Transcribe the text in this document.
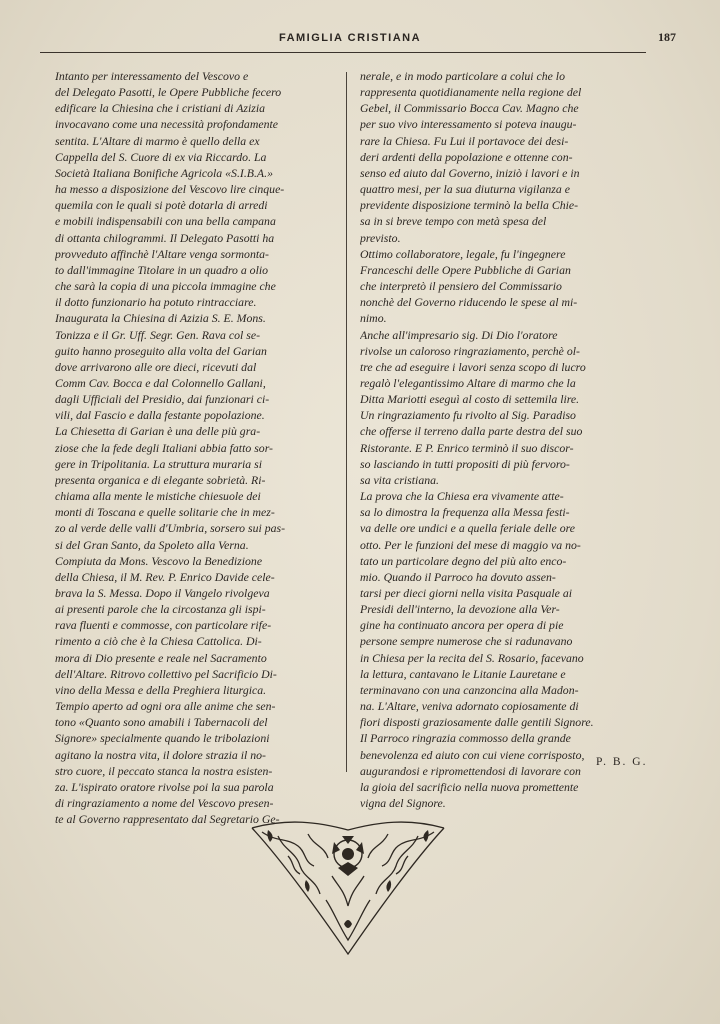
FAMIGLIA CRISTIANA	187
Intanto per interessamento del Vescovo e
del Delegato Pasotti, le Opere Pubbliche fecero
edificare la Chiesina che i cristiani di Azizia
invocavano come una necessità profondamente
sentita. L'Altare di marmo è quello della ex
Cappella del S. Cuore di ex via Riccardo. La
Società Italiana Bonifiche Agricola «S.I.B.A.»
ha messo a disposizione del Vescovo lire cinque-
quemila con le quali si potè dotarla di arredi
e mobili indispensabili con una bella campana
di ottanta chilogrammi. Il Delegato Pasotti ha
provveduto affinchè l'Altare venga sormonta-
to dall'immagine Titolare in un quadro a olio
che sarà la copia di una piccola immagine che
il dotto funzionario ha potuto rintracciare.
Inaugurata la Chiesina di Azizia S. E. Mons.
Tonizza e il Gr. Uff. Segr. Gen. Rava col se-
guito hanno proseguito alla volta del Garian
dove arrivarono alle ore dieci, ricevuti dal
Comm Cav. Bocca e dal Colonnello Gallani,
dagli Ufficiali del Presidio, dai funzionari ci-
vili, dal Fascio e dalla festante popolazione.
La Chiesetta di Garian è una delle più gra-
ziose che la fede degli Italiani abbia fatto sor-
gere in Tripolitania. La struttura muraria si
presenta organica e di elegante sobrietà. Ri-
chiama alla mente le mistiche chiesuole dei
monti di Toscana e quelle solitarie che in mez-
zo al verde delle valli d'Umbria, sorsero sui pas-
si del Gran Santo, da Spoleto alla Verna.
Compiuta da Mons. Vescovo la Benedizione
della Chiesa, il M. Rev. P. Enrico Davide cele-
brava la S. Messa. Dopo il Vangelo rivolgeva
ai presenti parole che la circostanza gli ispi-
rava fluenti e commosse, con particolare rife-
rimento a ciò che è la Chiesa Cattolica. Di-
mora di Dio presente e reale nel Sacramento
dell'Altare. Ritrovo collettivo pel Sacrificio Di-
vino della Messa e della Preghiera liturgica.
Tempio aperto ad ogni ora alle anime che sen-
tono «Quanto sono amabili i Tabernacoli del
Signore» specialmente quando le tribolazioni
agitano la nostra vita, il dolore strazia il no-
stro cuore, il peccato stanca la nostra esisten-
za. L'ispirato oratore rivolse poi la sua parola
di ringraziamento a nome del Vescovo presen-
te al Governo rappresentato dal Segretario Ge-
nerale, e in modo particolare a colui che lo
rappresenta quotidianamente nella regione del
Gebel, il Commissario Bocca Cav. Magno che
per suo vivo interessamento si poteva inaugu-
rare la Chiesa. Fu Lui il portavoce dei desi-
deri ardenti della popolazione e ottenne con-
senso ed aiuto dal Governo, iniziò i lavori e in
quattro mesi, per la sua diuturna vigilanza e
previdente disposizione terminò la bella Chie-
sa in si breve tempo con metà spesa del
previsto.
Ottimo collaboratore, legale, fu l'ingegnere
Franceschi delle Opere Pubbliche di Garian
che interpretò il pensiero del Commissario
nonchè del Governo riducendo le spese al mi-
nimo.
Anche all'impresario sig. Di Dio l'oratore
rivolse un caloroso ringraziamento, perchè ol-
tre che ad eseguire i lavori senza scopo di lucro
regalò l'elegantissimo Altare di marmo che la
Ditta Mariotti eseguì al costo di settemila lire.
Un ringraziamento fu rivolto al Sig. Paradiso
che offerse il terreno dalla parte destra del suo
Ristorante. E P. Enrico terminò il suo discor-
so lasciando in tutti propositi di più fervoro-
sa vita cristiana.
La prova che la Chiesa era vivamente atte-
sa lo dimostra la frequenza alla Messa festi-
va delle ore undici e a quella feriale delle ore
otto. Per le funzioni del mese di maggio va no-
tato un particolare degno del più alto enco-
mio. Quando il Parroco ha dovuto assen-
tarsi per dieci giorni nella visita Pasquale ai
Presidi dell'interno, la devozione alla Ver-
gine ha continuato ancora per opera di pie
persone sempre numerose che si radunavano
in Chiesa per la recita del S. Rosario, facevano
la lettura, cantavano le Litanie Lauretane e
terminavano con una canzoncina alla Madon-
na. L'Altare, veniva adornato copiosamente di
fiori disposti graziosamente dalle gentili Signore.
Il Parroco ringrazia commosso della grande
benevolenza ed aiuto con cui viene corrisposto,
augurandosi e ripromettendosi di lavorare con
la gioia del sacrificio nella nuova promettente
vigna del Signore.
P. B. G.
